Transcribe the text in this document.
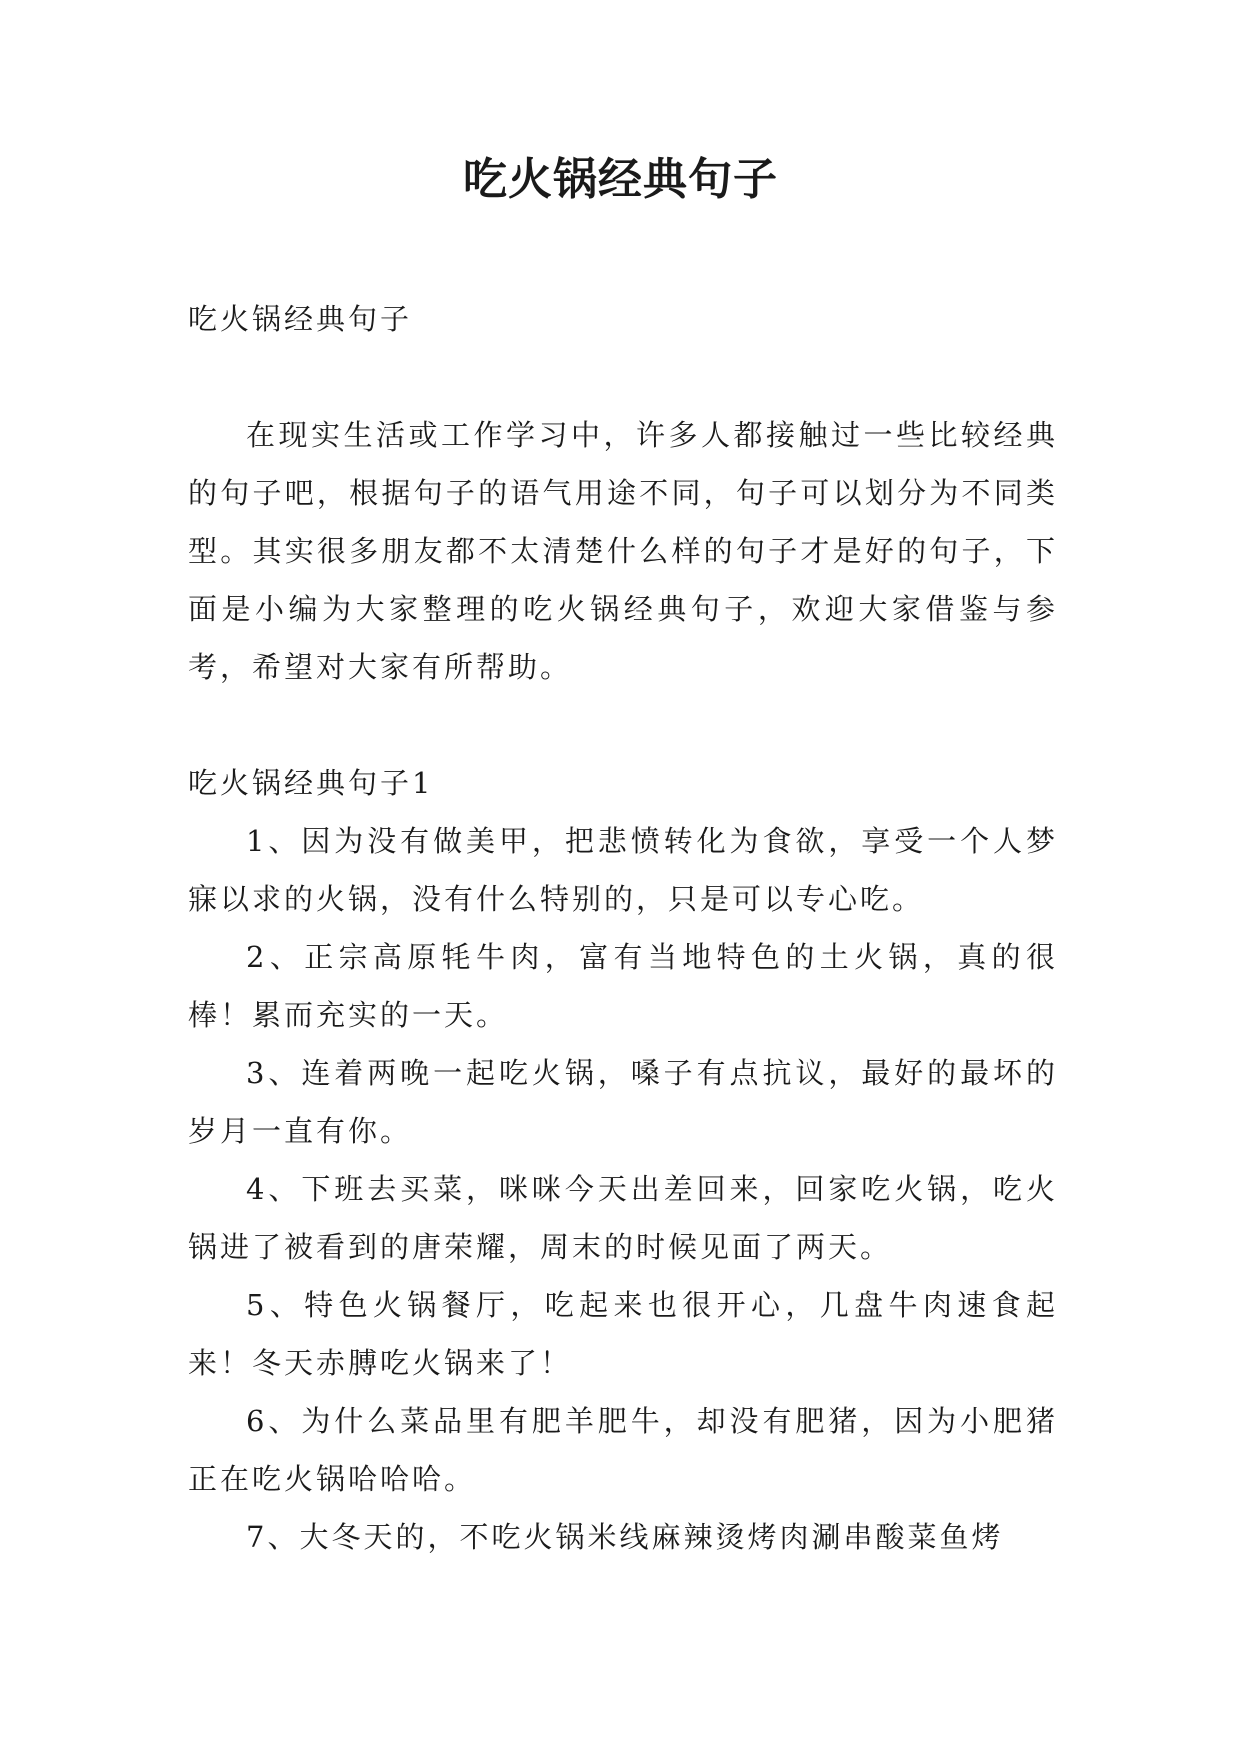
吃火锅经典句子

吃火锅经典句子

在现实生活或工作学习中，许多人都接触过一些比较经典的句子吧，根据句子的语气用途不同，句子可以划分为不同类型。其实很多朋友都不太清楚什么样的句子才是好的句子，下面是小编为大家整理的吃火锅经典句子，欢迎大家借鉴与参考，希望对大家有所帮助。

吃火锅经典句子1

1、因为没有做美甲，把悲愤转化为食欲，享受一个人梦寐以求的火锅，没有什么特别的，只是可以专心吃。

2、正宗高原牦牛肉，富有当地特色的土火锅，真的很棒！累而充实的一天。

3、连着两晚一起吃火锅，嗓子有点抗议，最好的最坏的岁月一直有你。

4、下班去买菜，咪咪今天出差回来，回家吃火锅，吃火锅进了被看到的唐荣耀，周末的时候见面了两天。

5、特色火锅餐厅，吃起来也很开心，几盘牛肉速食起来！冬天赤膊吃火锅来了！

6、为什么菜品里有肥羊肥牛，却没有肥猪，因为小肥猪正在吃火锅哈哈哈。

7、大冬天的，不吃火锅米线麻辣烫烤肉涮串酸菜鱼烤
